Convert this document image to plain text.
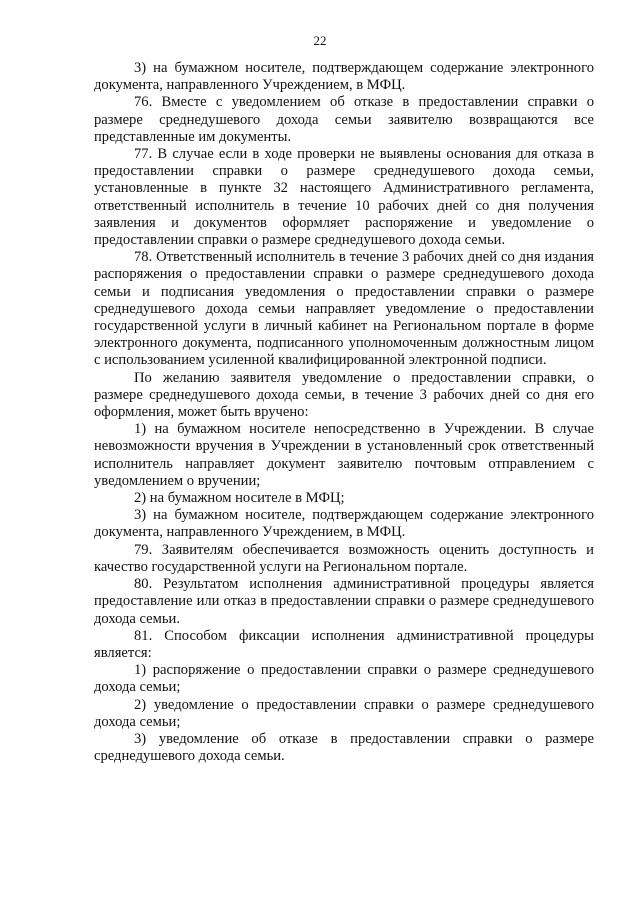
22

3) на бумажном носителе, подтверждающем содержание электронного документа, направленного Учреждением, в МФЦ.

76. Вместе с уведомлением об отказе в предоставлении справки о размере среднедушевого дохода семьи заявителю возвращаются все представленные им документы.

77. В случае если в ходе проверки не выявлены основания для отказа в предоставлении справки о размере среднедушевого дохода семьи, установленные в пункте 32 настоящего Административного регламента, ответственный исполнитель в течение 10 рабочих дней со дня получения заявления и документов оформляет распоряжение и уведомление о предоставлении справки о размере среднедушевого дохода семьи.

78. Ответственный исполнитель в течение 3 рабочих дней со дня издания распоряжения о предоставлении справки о размере среднедушевого дохода семьи и подписания уведомления о предоставлении справки о размере среднедушевого дохода семьи направляет уведомление о предоставлении государственной услуги в личный кабинет на Региональном портале в форме электронного документа, подписанного уполномоченным должностным лицом с использованием усиленной квалифицированной электронной подписи.

По желанию заявителя уведомление о предоставлении справки, о размере среднедушевого дохода семьи, в течение 3 рабочих дней со дня его оформления, может быть вручено:

1) на бумажном носителе непосредственно в Учреждении. В случае невозможности вручения в Учреждении в установленный срок ответственный исполнитель направляет документ заявителю почтовым отправлением с уведомлением о вручении;

2) на бумажном носителе в МФЦ;

3) на бумажном носителе, подтверждающем содержание электронного документа, направленного Учреждением, в МФЦ.

79. Заявителям обеспечивается возможность оценить доступность и качество государственной услуги на Региональном портале.

80. Результатом исполнения административной процедуры является предоставление или отказ в предоставлении справки о размере среднедушевого дохода семьи.

81. Способом фиксации исполнения административной процедуры является:

1) распоряжение о предоставлении справки о размере среднедушевого дохода семьи;

2) уведомление о предоставлении справки о размере среднедушевого дохода семьи;

3) уведомление об отказе в предоставлении справки о размере среднедушевого дохода семьи.
